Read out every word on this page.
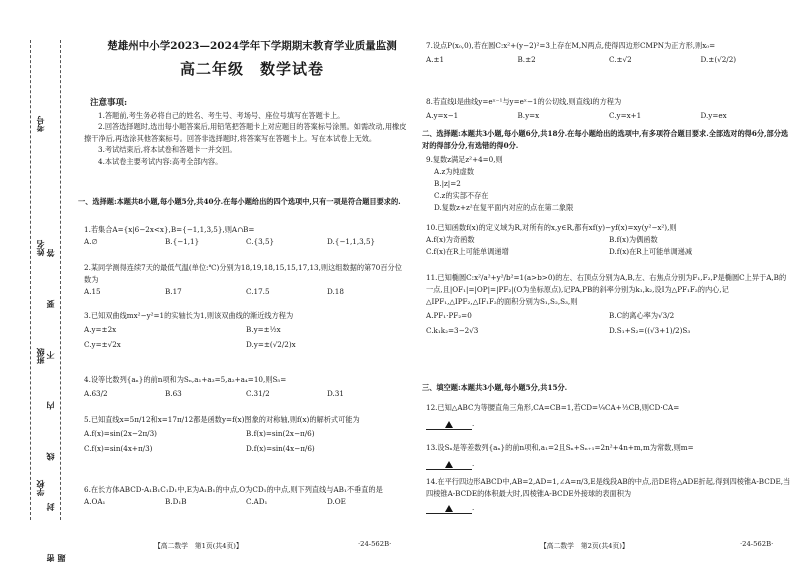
考号
姓名
班级
学校 密 封 线 内 不 要 答 题
楚雄州中小学2023—2024学年下学期期末教育学业质量监测
高二年级　数学试卷
注意事项:

1.答题前,考生务必将自己的姓名、考生号、考场号、座位号填写在答题卡上。

2.回答选择题时,选出每小题答案后,用铅笔把答题卡上对应题目的答案标号涂黑。如需改动,用橡皮擦干净后,再选涂其他答案标号。回答非选择题时,将答案写在答题卡上。写在本试卷上无效。

3.考试结束后,将本试卷和答题卡一并交回。

4.本试卷主要考试内容:高考全部内容。

一、选择题:本题共8小题,每小题5分,共40分.在每小题给出的四个选项中,只有一项是符合题目要求的.

1.若集合A={x|6−2x<x},B={−1,1,3,5},则A∩B=

A.∅	B.{−1,1}	C.{3,5}	D.{−1,1,3,5}

2.某同学测得连续7天的最低气温(单位:℃)分别为18,19,18,15,15,17,13,则这组数据的第70百分位数为

A.15	B.17	C.17.5	D.18

3.已知双曲线mx²−y²=1的实轴长为1,则该双曲线的渐近线方程为

A.y=±2x	B.y=±½x
C.y=±√2x	D.y=±(√2/2)x

4.设等比数列{aₙ}的前n项和为Sₙ,a₁+a₃=5,a₂+a₄=10,则S₅=

A.63/2	B.63	C.31/2	D.31

5.已知直线x=5π/12和x=17π/12都是函数y=f(x)图象的对称轴,则f(x)的解析式可能为

A.f(x)=sin(2x−2π/3)	B.f(x)=sin(2x−π/6)
C.f(x)=sin(4x+π/3)	D.f(x)=sin(4x−π/6)

6.在长方体ABCD-A₁B₁C₁D₁中,E为A₁B₁的中点,O为CD₁的中点,则下列直线与AB₁不垂直的是

A.OA₁	B.D₁B	C.AD₁	D.OE
【高二数学　第1页(共4页)】	·24-562B·

7.设点P(x₀,0),若在圆C:x²+(y−2)²=3上存在M,N两点,使得四边形CMPN为正方形,则x₀=

A.±1	B.±2	C.±√2	D.±(√2/2)

8.若直线l是曲线y=eˣ⁻¹与y=eˣ−1的公切线,则直线l的方程为

A.y=x−1	B.y=x	C.y=x+1	D.y=ex

二、选择题:本题共3小题,每小题6分,共18分.在每小题给出的选项中,有多项符合题目要求.全部选对的得6分,部分选对的得部分分,有选错的得0分.

9.复数z满足z²+4=0,则

A.z为纯虚数

B.|z|=2

C.z的实部不存在

D.复数z+z²在复平面内对应的点在第二象限

10.已知函数f(x)的定义域为R,对所有的x,y∈R,都有xf(y)−yf(x)=xy(y²−x²),则

A.f(x)为奇函数	B.f(x)为偶函数
C.f(x)在R上可能单调递增	D.f(x)在R上可能单调递减

11.已知椭圆C:x²/a²+y²/b²=1(a>b>0)的左、右顶点分别为A,B,左、右焦点分别为F₁,F₂,P是椭圆C上异于A,B的一点,且|OF₁|=|OP|=|PF₂|(O为坐标原点),记PA,PB的斜率分别为k₁,k₂,设I为△PF₁F₂的内心,记△IPF₁,△IPF₂,△IF₁F₂的面积分别为S₁,S₂,S₃,则

A.PF₁·PF₂=0	B.C的离心率为√3/2
C.k₁k₂=3−2√3	D.S₁+S₂=((√3+1)/2)S₃

三、填空题:本题共3小题,每小题5分,共15分.

12.已知△ABC为等腰直角三角形,CA=CB=1,若CD=¼CA+½CB,则CD·CA=

.

13.设Sₙ是等差数列{aₙ}的前n项和,a₁=2且Sₙ+Sₙ₊₁=2n²+4n+m,m为常数,则m=

.

14.在平行四边形ABCD中,AB=2,AD=1,∠A=π/3,E是线段AB的中点,沿DE将△ADE折起,得到四棱锥A-BCDE,当四棱锥A-BCDE的体积最大时,四棱锥A-BCDE外接球的表面积为

.

【高二数学　第2页(共4页)】	·24-562B·
